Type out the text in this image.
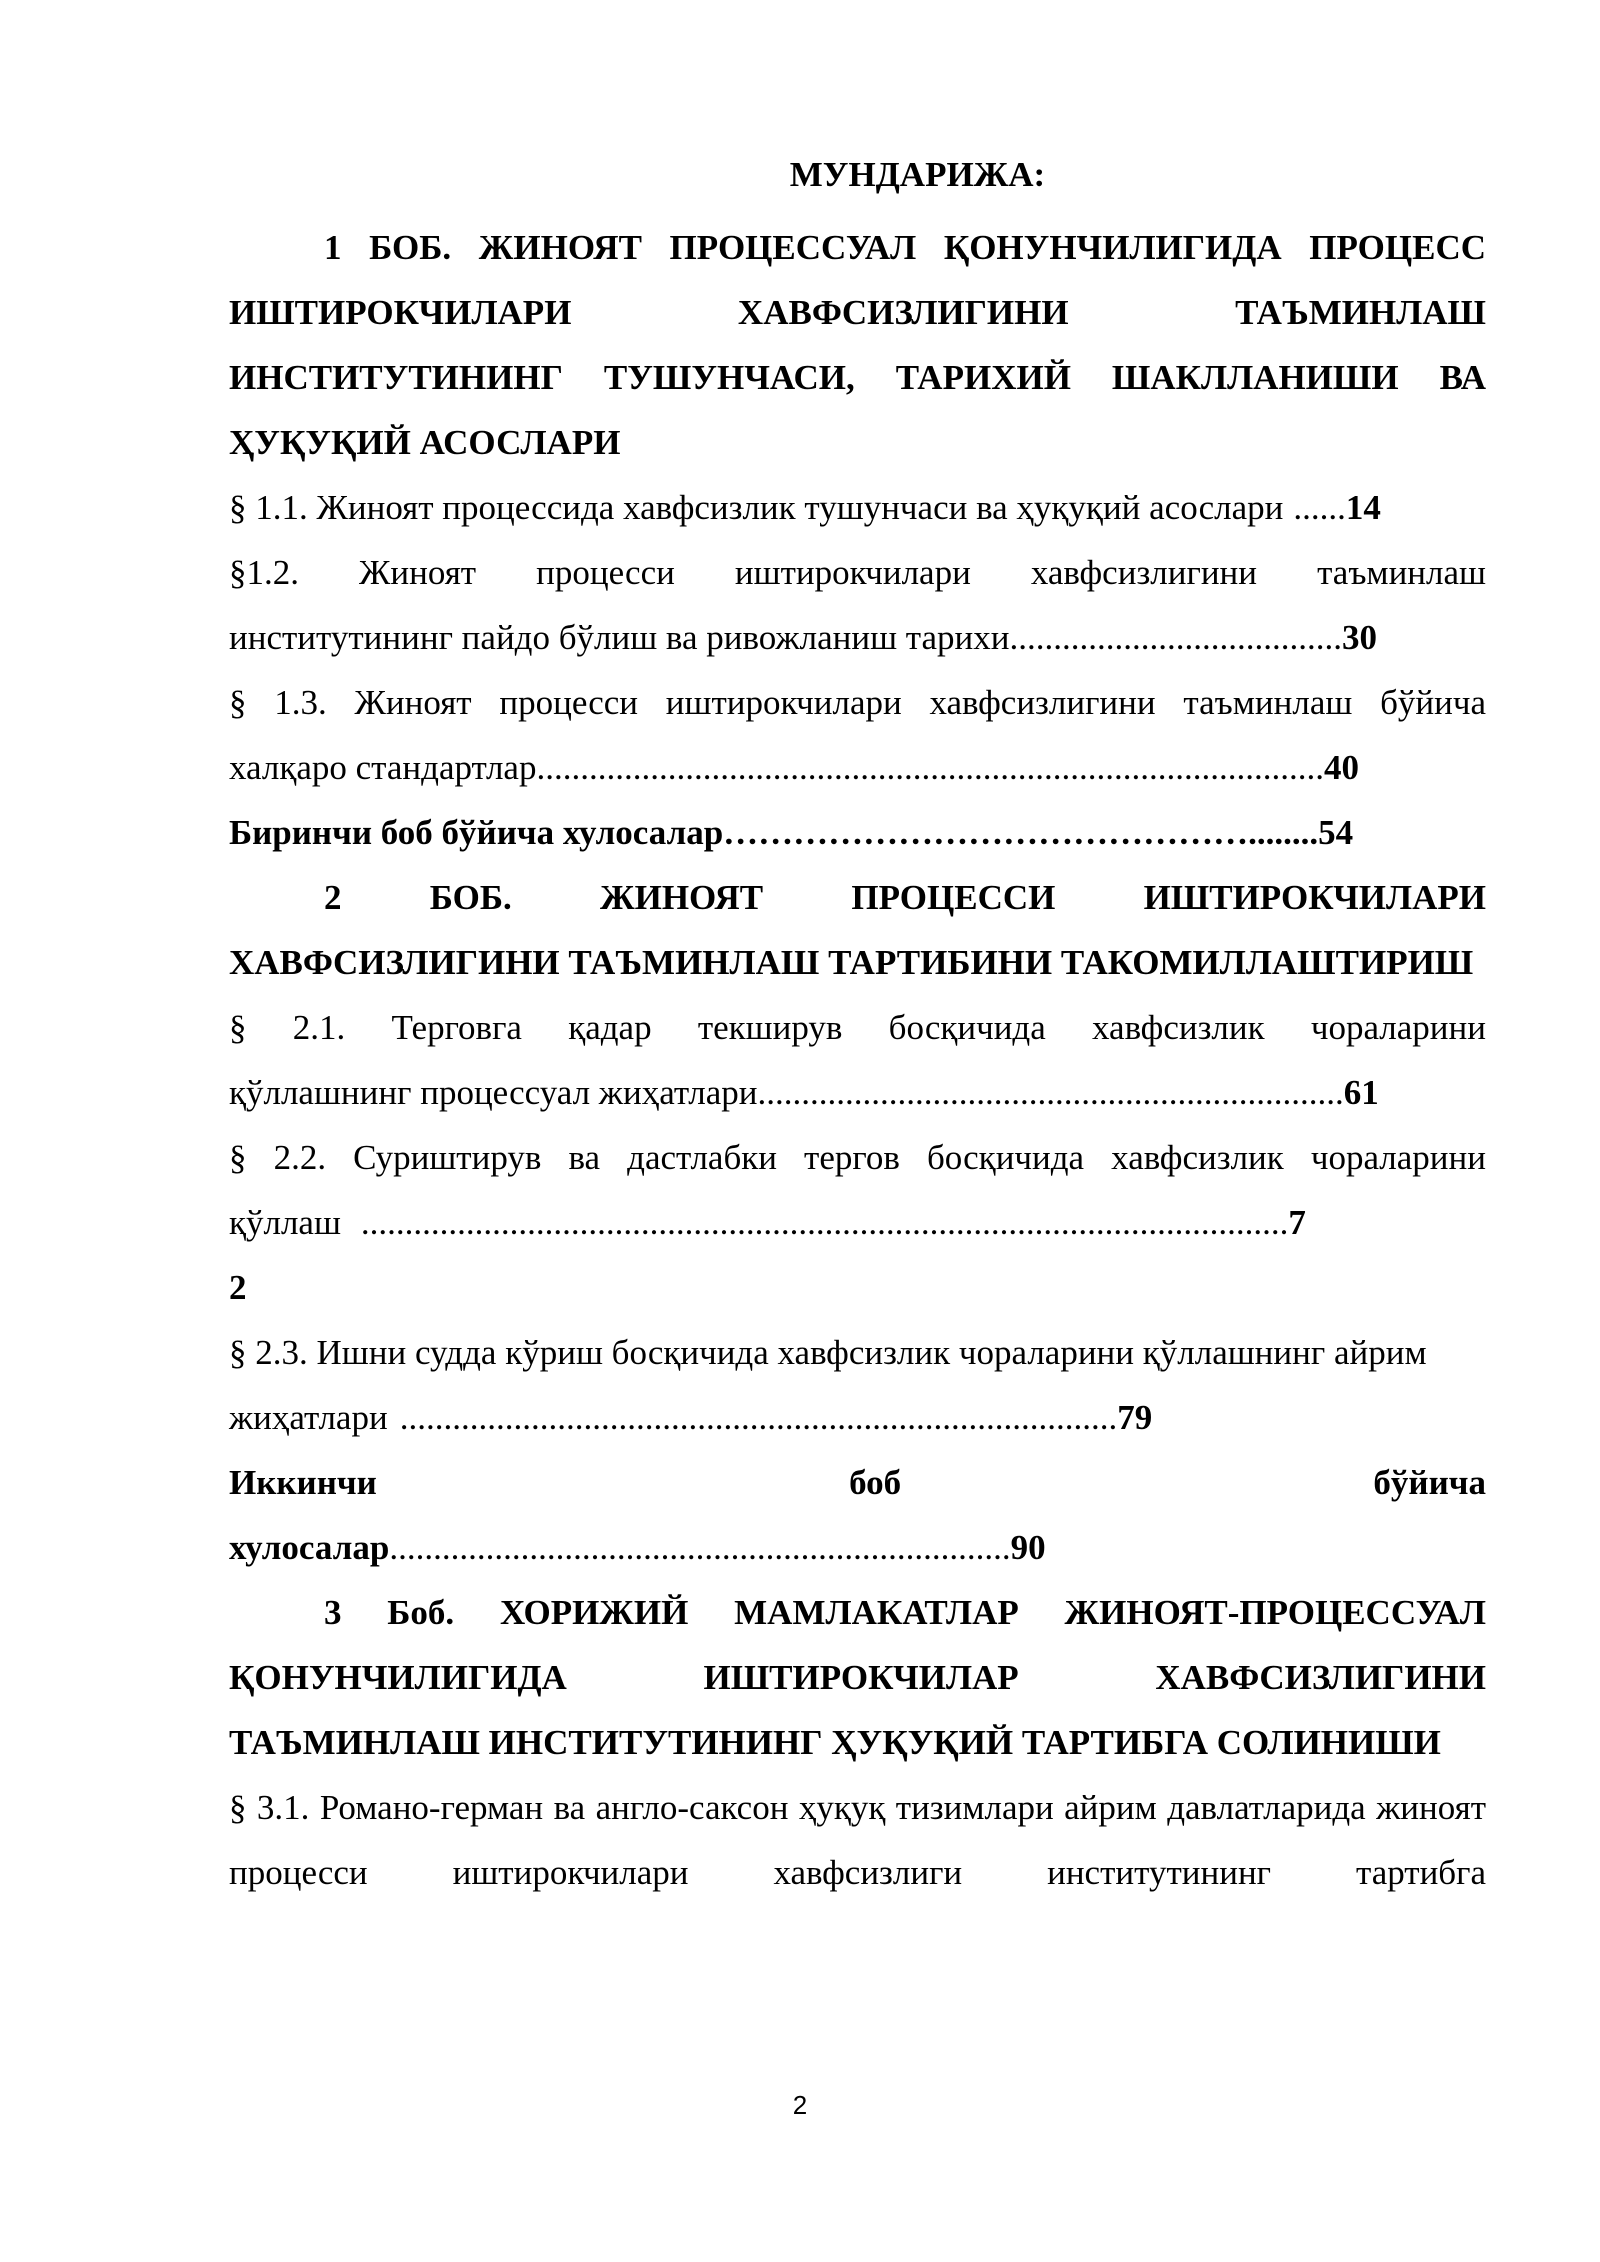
МУНДАРИЖА:

1 БОБ. ЖИНОЯТ ПРОЦЕССУАЛ ҚОНУНЧИЛИГИДА ПРОЦЕСС ИШТИРОКЧИЛАРИ ХАВФСИЗЛИГИНИ ТАЪМИНЛАШ ИНСТИТУТИНИНГ ТУШУНЧАСИ, ТАРИХИЙ ШАКЛЛАНИШИ ВА ҲУҚУҚИЙ АСОСЛАРИ

§ 1.1. Жиноят процессида хавфсизлик тушунчаси ва ҳуқуқий асослари ...... 14

§1.2. Жиноят процесси иштирокчилари хавфсизлигини таъминлаш

институтининг пайдо бўлиш ва ривожланиш тарихи ...................................... 30

§ 1.3. Жиноят процесси иштирокчилари хавфсизлигини таъминлаш бўйича

халқаро стандартлар .......................................................................................... 40
Биринчи боб бўйича хулосалар ………………………………………........ 54

2 БОБ. ЖИНОЯТ ПРОЦЕССИ ИШТИРОКЧИЛАРИ ХАВФСИЗЛИГИНИ ТАЪМИНЛАШ ТАРТИБИНИ ТАКОМИЛЛАШТИРИШ

§ 2.1. Терговга қадар текширув босқичида хавфсизлик чораларини

қўллашнинг процессуал жиҳатлари ................................................................... 61

§ 2.2. Суриштирув ва дастлабки тергов босқичида хавфсизлик чораларини

қўллаш .......................................................................................................... 7
2

§ 2.3. Ишни судда кўриш босқичида хавфсизлик чораларини қўллашнинг айрим

жиҳатлари .................................................................................. 79
Иккинчи	боб	бўйича
хулосалар ....................................................................... 90

3 Боб. ХОРИЖИЙ МАМЛАКАТЛАР ЖИНОЯТ-ПРОЦЕССУАЛ ҚОНУНЧИЛИГИДА ИШТИРОКЧИЛАР ХАВФСИЗЛИГИНИ ТАЪМИНЛАШ ИНСТИТУТИНИНГ ҲУҚУҚИЙ ТАРТИБГА СОЛИНИШИ

§ 3.1. Романо-герман ва англо-саксон ҳуқуқ тизимлари айрим давлатларида жиноят процесси иштирокчилари хавфсизлиги институтининг тартибга

2
